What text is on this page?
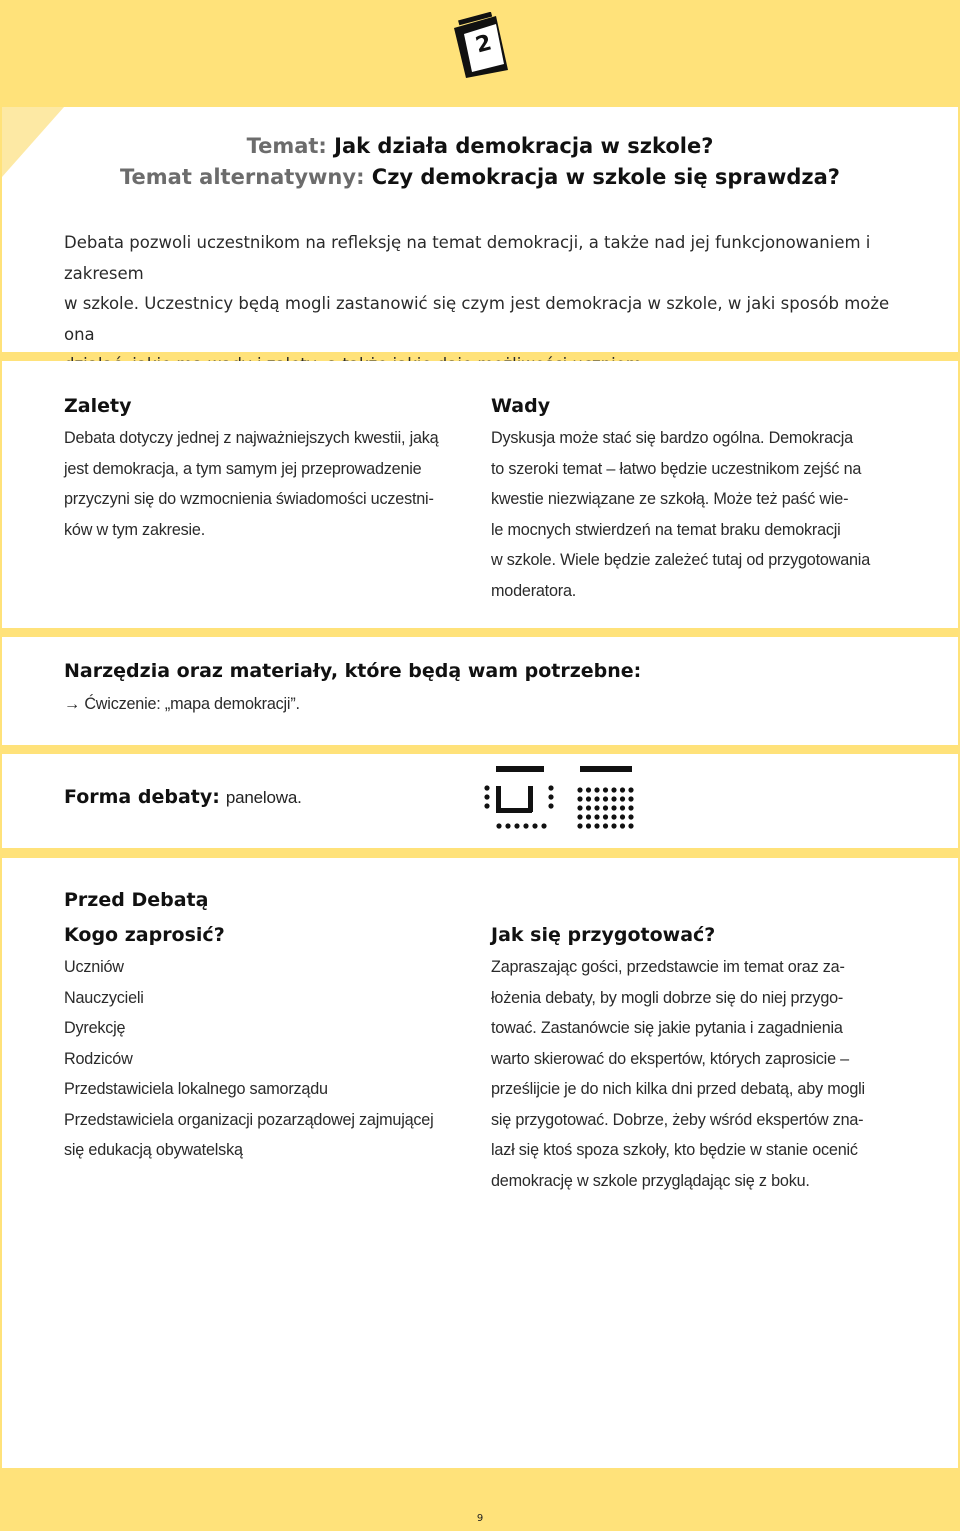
2
Temat: Jak działa demokracja w szkole?
Temat alternatywny: Czy demokracja w szkole się sprawdza?
Debata pozwoli uczestnikom na refleksję na temat demokracji, a także nad jej funkcjonowaniem i zakresem
w szkole. Uczestnicy będą mogli zastanowić się czym jest demokracja w szkole, w jaki sposób może ona
Zalety
Debata dotyczy jednej z najważniejszych kwestii, jaką
jest demokracja, a tym samym jej przeprowadzenie
przyczyni się do wzmocnienia świadomości uczestni-
ków w tym zakresie.
Wady
Dyskusja może stać się bardzo ogólna. Demokracja
to szeroki temat – łatwo będzie uczestnikom zejść na
kwestie niezwiązane ze szkołą. Może też paść wie-
le mocnych stwierdzeń na temat braku demokracji
w szkole. Wiele będzie zależeć tutaj od przygotowania
moderatora.
Narzędzia oraz materiały, które będą wam potrzebne:
→ Ćwiczenie: „mapa demokracji”.
Forma debaty: panelowa.
Przed Debatą
Kogo zaprosić?
Uczniów
Nauczycieli
Dyrekcję
Rodziców
Przedstawiciela lokalnego samorządu
Przedstawiciela organizacji pozarządowej zajmującej
się edukacją obywatelską
Jak się przygotować?
Zapraszając gości, przedstawcie im temat oraz za-
łożenia debaty, by mogli dobrze się do niej przygo-
tować. Zastanówcie się jakie pytania i zagadnienia
warto skierować do ekspertów, których zaprosicie –
prześlijcie je do nich kilka dni przed debatą, aby mogli
się przygotować. Dobrze, żeby wśród ekspertów zna-
lazł się ktoś spoza szkoły, kto będzie w stanie ocenić
demokrację w szkole przyglądając się z boku.
9
